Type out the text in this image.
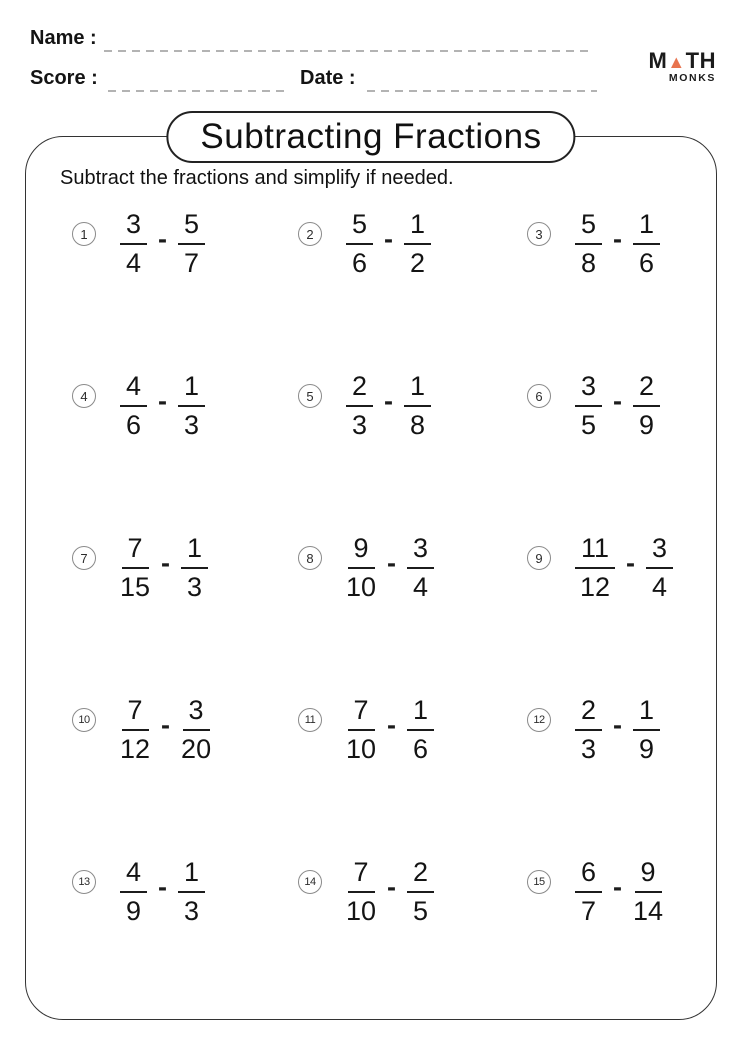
Name :
Score :	Date :
M▲TH
MONKS
Subtracting Fractions
Subtract the fractions and simplify if needed.
$1 \frac{3}{4} - \frac{5}{7}$	$2 \frac{5}{6} - \frac{1}{2}$	$3 \frac{5}{8} - \frac{1}{6}$
$4 \frac{4}{6} - \frac{1}{3}$	$5 \frac{2}{3} - \frac{1}{8}$	$6 \frac{3}{5} - \frac{2}{9}$
$7 \frac{7}{15} - \frac{1}{3}$	$8 \frac{9}{10} - \frac{3}{4}$	$9 \frac{11}{12} - \frac{3}{4}$
$10 \frac{7}{12} - \frac{3}{20}$	$11 \frac{7}{10} - \frac{1}{6}$	$12 \frac{2}{3} - \frac{1}{9}$
$13 \frac{4}{9} - \frac{1}{3}$	$14 \frac{7}{10} - \frac{2}{5}$	$15 \frac{6}{7} - \frac{9}{14}$
